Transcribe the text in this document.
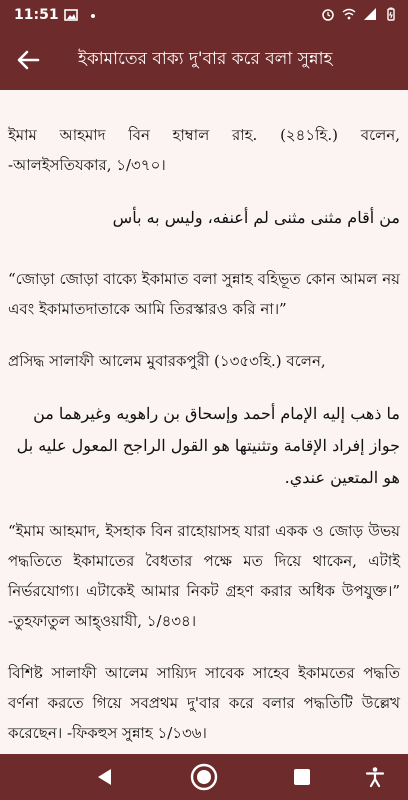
11:51
ইকামাতের বাক্য দু'বার করে বলা সুন্নাহ

ইমাম আহমাদ বিন হাম্বাল রাহ. (২৪১হি.) বলেন, -আলইসতিযকার, ১/৩৭০।

من أقام مثنى مثنى لم أعنفه، وليس به بأس

“জোড়া জোড়া বাক্যে ইকামাত বলা সুন্নাহ বহিভূত কোন আমল নয় এবং ইকামাতদাতাকে আমি তিরস্কারও করি না।”

প্রসিদ্ধ সালাফী আলেম মুবারকপুরী (১৩৫৩হি.) বলেন,

ما ذهب إليه الإمام أحمد وإسحاق بن راهويه وغيرهما من جواز إفراد الإقامة وتثنيتها هو القول الراجح المعول عليه بل هو المتعين عندي.

“ইমাম আহমাদ, ইসহাক বিন রাহোয়াসহ যারা একক ও জোড় উভয় পদ্ধতিতে ইকামাতের বৈধতার পক্ষে মত দিয়ে থাকেন, এটাই নির্ভরযোগ্য। এটাকেই আমার নিকট গ্রহণ করার অধিক উপযুক্ত।” -তুহফাতুল আহ্ওয়াযী, ১/৪৩৪।

বিশিষ্ট সালাফী আলেম সায়্যিদ সাবেক সাহেব ইকামতের পদ্ধতি বর্ণনা করতে গিয়ে সবপ্রথম দু'বার করে বলার পদ্ধতিটি উল্লেখ করেছেন। -ফিকহুস সুন্নাহ ১/১৩৬।
